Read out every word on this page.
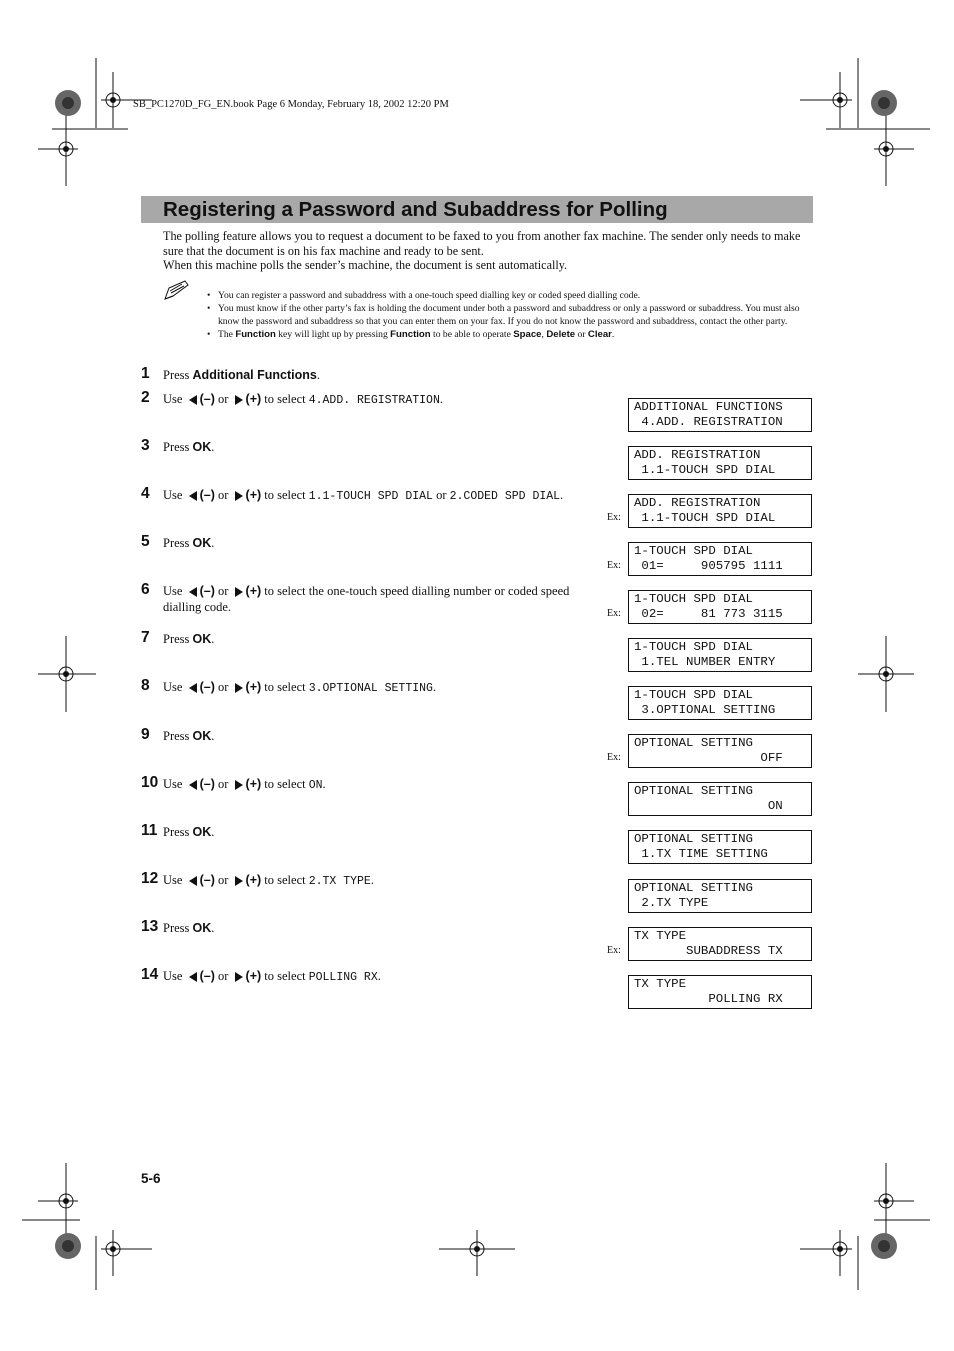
SB_PC1270D_FG_EN.book Page 6 Monday, February 18, 2002 12:20 PM
Registering a Password and Subaddress for Polling

The polling feature allows you to request a document to be faxed to you from another fax machine. The sender only needs to make sure that the document is on his fax machine and ready to be sent.

When this machine polls the sender’s machine, the document is sent automatically.

• You can register a password and subaddress with a one-touch speed dialling key or coded speed dialling code.
• You must know if the other party’s fax is holding the document under both a password and subaddress or only a password or subaddress. You must also know the password and subaddress so that you can enter them on your fax. If you do not know the password and subaddress, contact the other party.
• The Function key will light up by pressing Function to be able to operate Space, Delete or Clear.
1	Press Additional Functions.
2	Use (–) or (+) to select 4.ADD. REGISTRATION.
3	Press OK.
4	Use (–) or (+) to select 1.1-TOUCH SPD DIAL or 2.CODED SPD DIAL.
5	Press OK.
6	Use (–) or (+) to select the one-touch speed dialling number or coded speed dialling code.
7	Press OK.
8	Use (–) or (+) to select 3.OPTIONAL SETTING.
9	Press OK.
10 Use (–) or (+) to select ON.
11 Press OK.
12 Use (–) or (+) to select 2.TX TYPE.
13 Press OK.
14 Use (–) or (+) to select POLLING RX.
ADDITIONAL FUNCTIONS
4.ADD. REGISTRATION
ADD. REGISTRATION
1.1-TOUCH SPD DIAL
ADD. REGISTRATION
1.1-TOUCH SPD DIAL
1-TOUCH SPD DIAL
01=     905795 1111
1-TOUCH SPD DIAL
02=     81 773 3115
1-TOUCH SPD DIAL
1.TEL NUMBER ENTRY
1-TOUCH SPD DIAL
3.OPTIONAL SETTING
OPTIONAL SETTING
OFF
OPTIONAL SETTING
ON
OPTIONAL SETTING
1.TX TIME SETTING
OPTIONAL SETTING
2.TX TYPE
TX TYPE
SUBADDRESS TX
TX TYPE
POLLING RX
Ex:
Ex:
Ex:
Ex:
Ex:
5-6
